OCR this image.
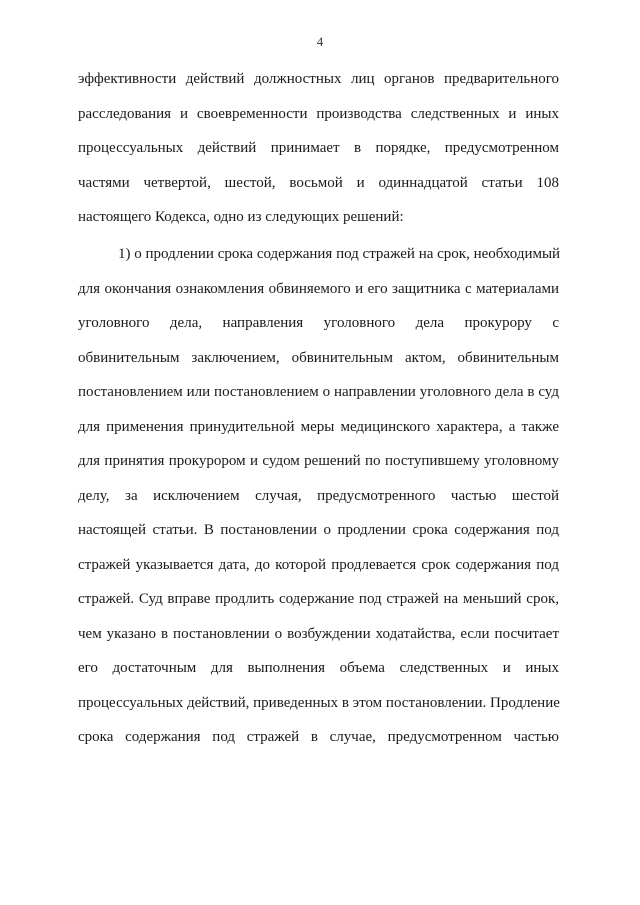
4
эффективности действий должностных лиц органов предварительного
расследования и своевременности производства следственных и иных
процессуальных действий принимает в порядке, предусмотренном
частями четвертой, шестой, восьмой и одиннадцатой статьи 108
настоящего Кодекса, одно из следующих решений:
1) о продлении срока содержания под стражей на срок, необходимый
для окончания ознакомления обвиняемого и его защитника с материалами
уголовного дела, направления уголовного дела прокурору с
обвинительным заключением, обвинительным актом, обвинительным
постановлением или постановлением о направлении уголовного дела в суд
для применения принудительной меры медицинского характера, а также
для принятия прокурором и судом решений по поступившему уголовному
делу, за исключением случая, предусмотренного частью шестой
настоящей статьи. В постановлении о продлении срока содержания под
стражей указывается дата, до которой продлевается срок содержания под
стражей. Суд вправе продлить содержание под стражей на меньший срок,
чем указано в постановлении о возбуждении ходатайства, если посчитает
его достаточным для выполнения объема следственных и иных
процессуальных действий, приведенных в этом постановлении. Продление
срока содержания под стражей в случае, предусмотренном частью
